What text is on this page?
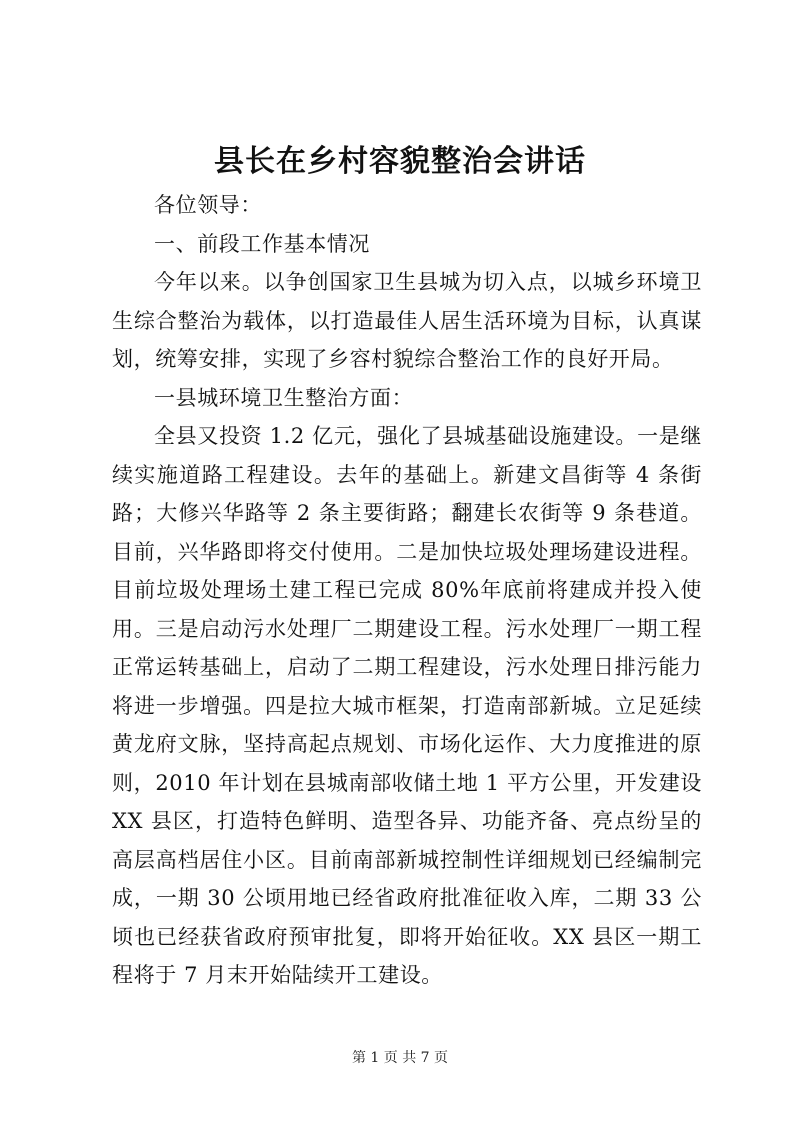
县长在乡村容貌整治会讲话

各位领导：

一、前段工作基本情况

今年以来。以争创国家卫生县城为切入点，以城乡环境卫生综合整治为载体，以打造最佳人居生活环境为目标，认真谋划，统筹安排，实现了乡容村貌综合整治工作的良好开局。

一县城环境卫生整治方面：

全县又投资 1.2 亿元，强化了县城基础设施建设。一是继续实施道路工程建设。去年的基础上。新建文昌街等 4 条街路；大修兴华路等 2 条主要街路；翻建长农街等 9 条巷道。目前，兴华路即将交付使用。二是加快垃圾处理场建设进程。目前垃圾处理场土建工程已完成 80%年底前将建成并投入使用。三是启动污水处理厂二期建设工程。污水处理厂一期工程正常运转基础上，启动了二期工程建设，污水处理日排污能力将进一步增强。四是拉大城市框架，打造南部新城。立足延续黄龙府文脉，坚持高起点规划、市场化运作、大力度推进的原则，2010 年计划在县城南部收储土地 1 平方公里，开发建设 XX 县区，打造特色鲜明、造型各异、功能齐备、亮点纷呈的高层高档居住小区。目前南部新城控制性详细规划已经编制完成，一期 30 公顷用地已经省政府批准征收入库，二期 33 公顷也已经获省政府预审批复，即将开始征收。XX 县区一期工程将于 7 月末开始陆续开工建设。

第 1 页 共 7 页
